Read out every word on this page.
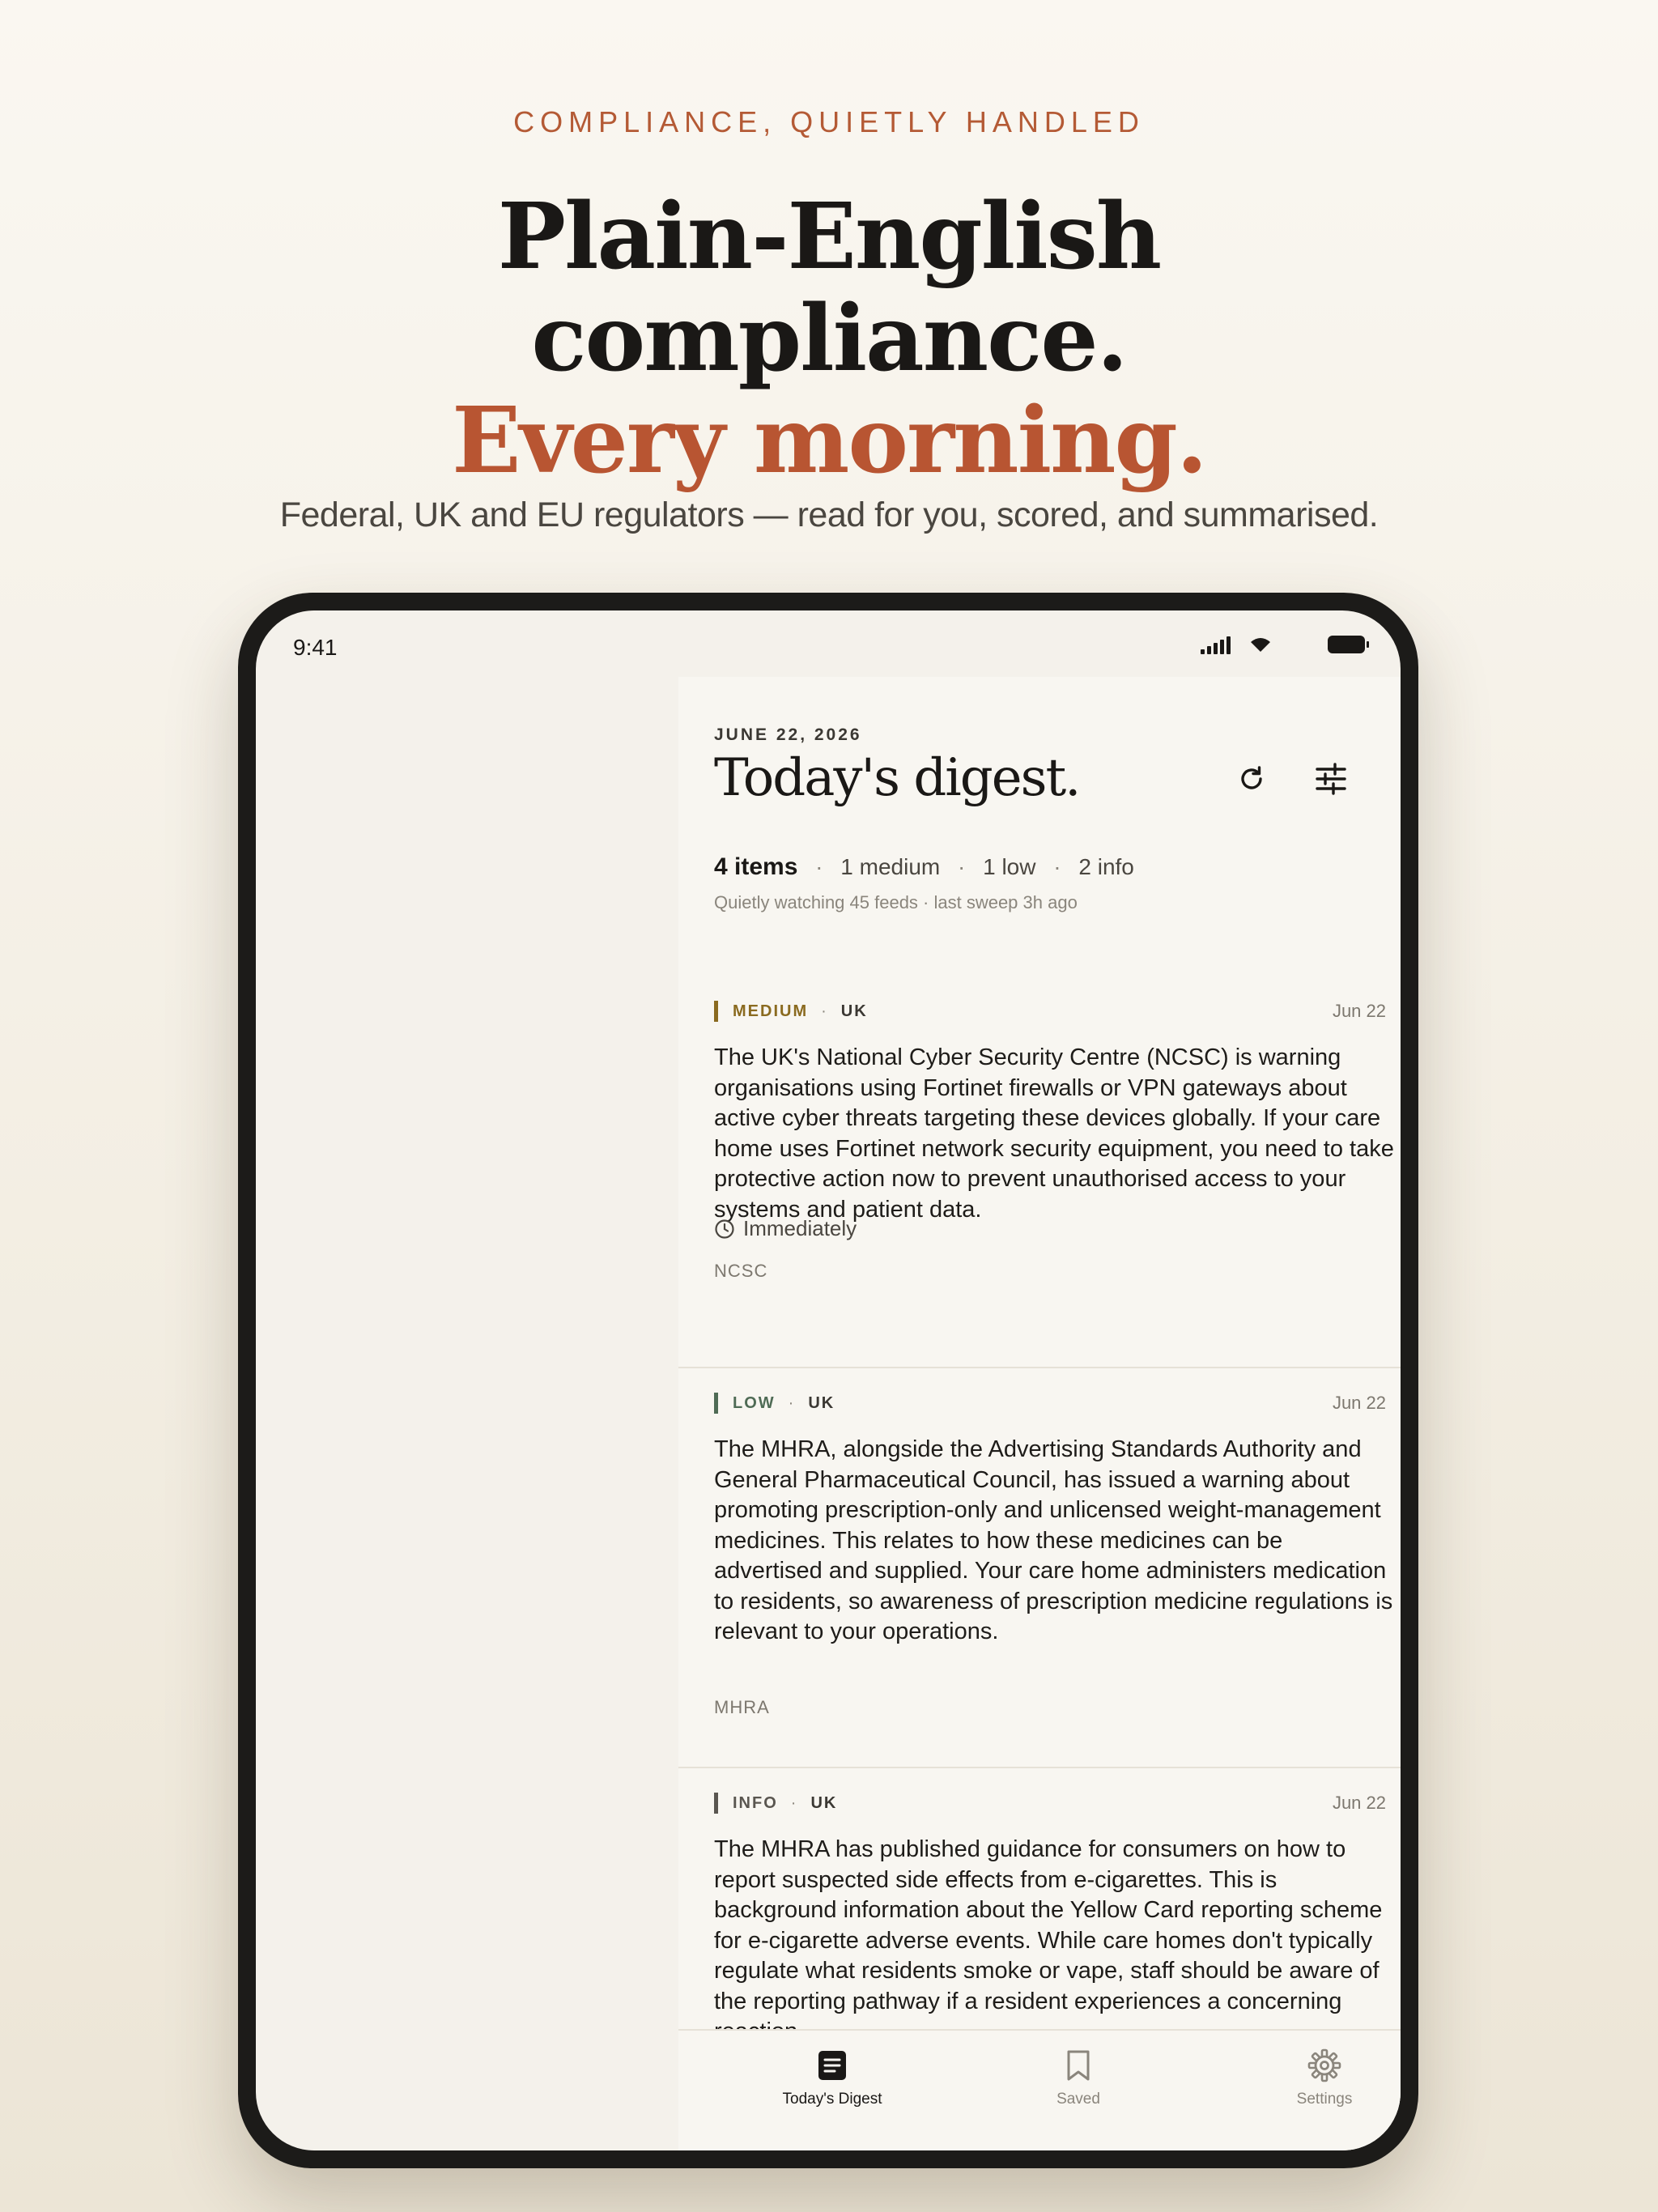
COMPLIANCE, QUIETLY HANDLED
Plain-English
compliance.
Every morning.
Federal, UK and EU regulators — read for you, scored, and summarised.
9:41
JUNE 22, 2026
Today's digest.
4 items · 1 medium · 1 low · 2 info
Quietly watching 45 feeds · last sweep 3h ago
MEDIUM · UK	Jun 22
The UK's National Cyber Security Centre (NCSC) is warning organisations using Fortinet firewalls or VPN gateways about active cyber threats targeting these devices globally. If your care home uses Fortinet network security equipment, you need to take protective action now to prevent unauthorised access to your systems and patient data.
Immediately
NCSC
LOW · UK	Jun 22
The MHRA, alongside the Advertising Standards Authority and General Pharmaceutical Council, has issued a warning about promoting prescription-only and unlicensed weight-management medicines. This relates to how these medicines can be advertised and supplied. Your care home administers medication to residents, so awareness of prescription medicine regulations is relevant to your operations.
MHRA
INFO · UK	Jun 22
The MHRA has published guidance for consumers on how to report suspected side effects from e-cigarettes. This is background information about the Yellow Card reporting scheme for e-cigarette adverse events. While care homes don't typically regulate what residents smoke or vape, staff should be aware of the reporting pathway if a resident experiences a concerning
Today's Digest	Saved	Settings
